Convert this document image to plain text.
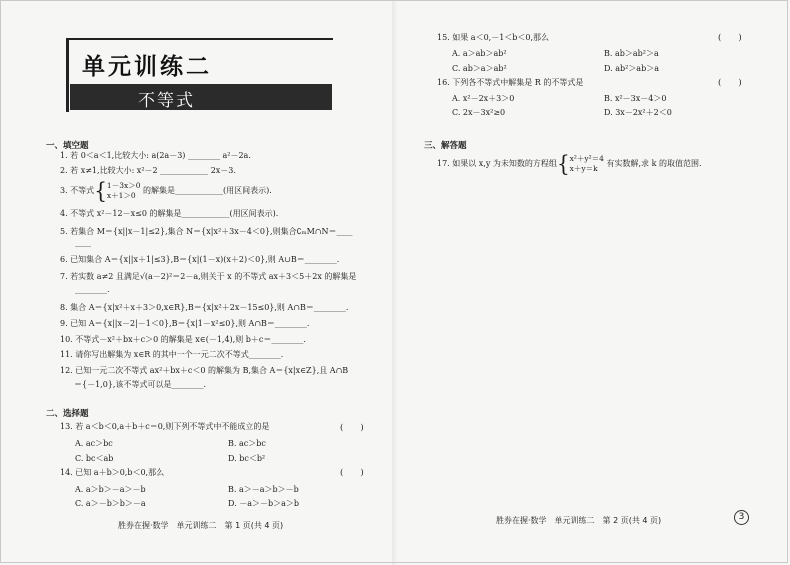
单元训练二
不等式
一、填空题
1. 若 0＜a＜1,比较大小: a(2a－3) ________ a²－2a.
2. 若 x≠1,比较大小: x²－2 ____________ 2x－3.
3. 不等式{1－3x＞0
x＋1＞0 的解集是____________(用区间表示).
4. 不等式 x²－12－x≤0 的解集是____________(用区间表示).
5. 若集合 M＝{x||x－1|≤2},集合 N＝{x|x²＋3x－4＜0},则集合∁ₘM∩N＝____
____
6. 已知集合 A＝{x||x＋1|≤3},B＝{x|(1－x)(x＋2)＜0},则 A∪B＝________.
7. 若实数 a≠2 且满足√(a－2)²＝2－a,则关于 x 的不等式 ax＋3＜5＋2x 的解集是
________.
8. 集合 A＝{x|x²＋x＋3＞0,x∈R},B＝{x|x²＋2x－15≤0},则 A∩B＝________.
9. 已知 A＝{x||x－2|－1＜0},B＝{x|1－x²≤0},则 A∩B＝________.
10. 不等式－x²＋bx＋c＞0 的解集是 x∈(－1,4),则 b＋c＝________.
11. 请你写出解集为 x∈R 的其中一个一元二次不等式________.
12. 已知一元二次不等式 ax²＋bx＋c＜0 的解集为 B,集合 A＝{x|x∈Z},且 A∩B
＝{－1,0},该不等式可以是________.
二、选择题
13. 若 a＜b＜0,a＋b＋c＝0,则下列不等式中不能成立的是	(　　)
A. ac＞bc	B. ac＞bc
C. bc＜ab	D. bc＜b²
14. 已知 a＋b＞0,b＜0,那么	(　　)
A. a＞b＞－a＞－b	B. a＞－a＞b＞－b
C. a＞－b＞b＞－a	D. －a＞－b＞a＞b
胜券在握·数学　单元训练二　第 1 页(共 4 页)
15. 如果 a＜0,－1＜b＜0,那么	(　　)
A. a＞ab＞ab²	B. ab＞ab²＞a
C. ab＞a＞ab²	D. ab²＞ab＞a
16. 下列各不等式中解集是 R 的不等式是	(　　)
A. x²－2x＋3＞0	B. x²－3x－4＞0
C. 2x－3x²≥0	D. 3x－2x²＋2＜0
三、解答题
17. 如果以 x,y 为未知数的方程组{x²＋y²＝4
x＋y＝k 有实数解,求 k 的取值范围.
胜券在握·数学　单元训练二　第 2 页(共 4 页)	3
